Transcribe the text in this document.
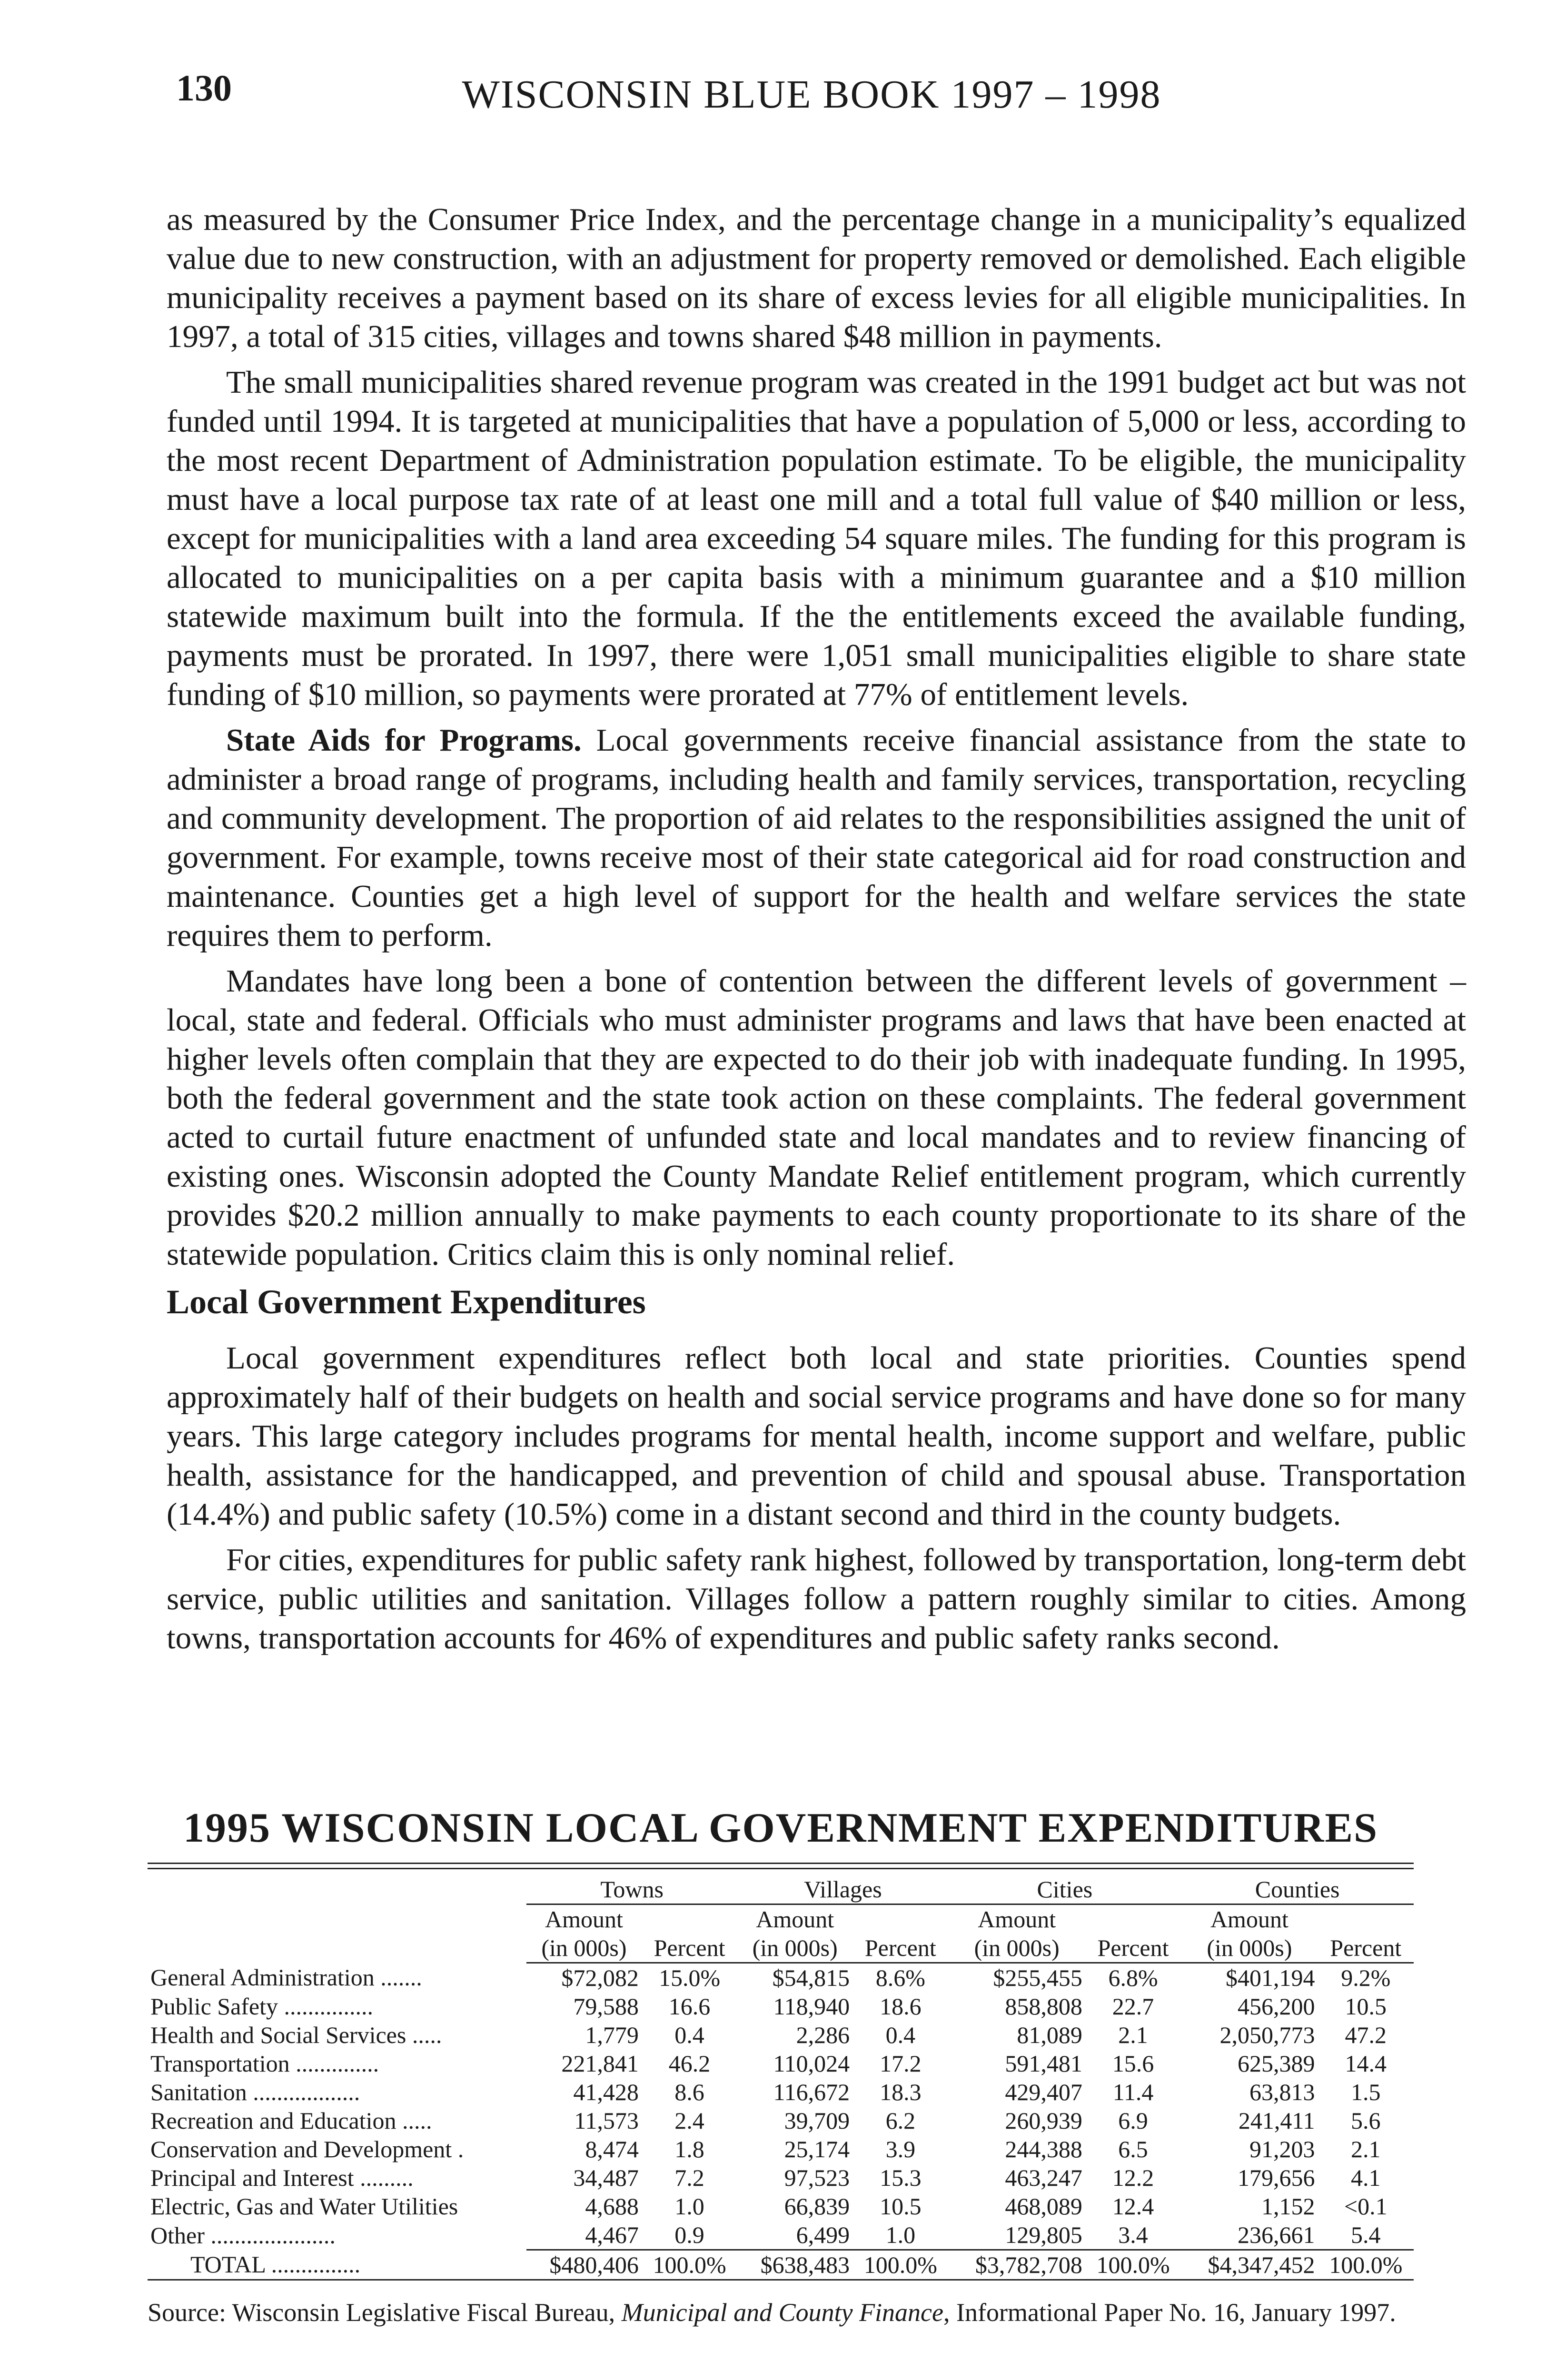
130	WISCONSIN BLUE BOOK 1997 – 1998

as measured by the Consumer Price Index, and the percentage change in a municipality’s equalized value due to new construction, with an adjustment for property removed or demolished. Each eligible municipality receives a payment based on its share of excess levies for all eligible municipalities. In 1997, a total of 315 cities, villages and towns shared $48 million in payments.

The small municipalities shared revenue program was created in the 1991 budget act but was not funded until 1994. It is targeted at municipalities that have a population of 5,000 or less, according to the most recent Department of Administration population estimate. To be eligible, the municipality must have a local purpose tax rate of at least one mill and a total full value of $40 million or less, except for municipalities with a land area exceeding 54 square miles. The funding for this program is allocated to municipalities on a per capita basis with a minimum guarantee and a $10 million statewide maximum built into the formula. If the the entitlements exceed the available funding, payments must be prorated. In 1997, there were 1,051 small municipalities eligible to share state funding of $10 million, so payments were prorated at 77% of entitlement levels.

State Aids for Programs. Local governments receive financial assistance from the state to administer a broad range of programs, including health and family services, transportation, recycling and community development. The proportion of aid relates to the responsibilities assigned the unit of government. For example, towns receive most of their state categorical aid for road construction and maintenance. Counties get a high level of support for the health and welfare services the state requires them to perform.

Mandates have long been a bone of contention between the different levels of government – local, state and federal. Officials who must administer programs and laws that have been enacted at higher levels often complain that they are expected to do their job with inadequate funding. In 1995, both the federal government and the state took action on these complaints. The federal government acted to curtail future enactment of unfunded state and local mandates and to review financing of existing ones. Wisconsin adopted the County Mandate Relief entitlement program, which currently provides $20.2 million annually to make payments to each county proportionate to its share of the statewide population. Critics claim this is only nominal relief.

Local Government Expenditures

Local government expenditures reflect both local and state priorities. Counties spend approximately half of their budgets on health and social service programs and have done so for many years. This large category includes programs for mental health, income support and welfare, public health, assistance for the handicapped, and prevention of child and spousal abuse. Transportation (14.4%) and public safety (10.5%) come in a distant second and third in the county budgets.

For cities, expenditures for public safety rank highest, followed by transportation, long-term debt service, public utilities and sanitation. Villages follow a pattern roughly similar to cities. Among towns, transportation accounts for 46% of expenditures and public safety ranks second.

1995 WISCONSIN LOCAL GOVERNMENT EXPENDITURES
	Towns		Villages		Cities		Counties	
	Amount		Amount		Amount		Amount	
	(in 000s)	Percent	(in 000s)	Percent	(in 000s)	Percent	(in 000s)	Percent
General Administration .......	$72,082	15.0%	$54,815	8.6%	$255,455	6.8%	$401,194	9.2%
Public Safety ...............	79,588	16.6	118,940	18.6	858,808	22.7	456,200	10.5
Health and Social Services .....	1,779	0.4	2,286	0.4	81,089	2.1	2,050,773	47.2
Transportation ..............	221,841	46.2	110,024	17.2	591,481	15.6	625,389	14.4
Sanitation ..................	41,428	8.6	116,672	18.3	429,407	11.4	63,813	1.5
Recreation and Education .....	11,573	2.4	39,709	6.2	260,939	6.9	241,411	5.6
Conservation and Development .	8,474	1.8	25,174	3.9	244,388	6.5	91,203	2.1
Principal and Interest .........	34,487	7.2	97,523	15.3	463,247	12.2	179,656	4.1
Electric, Gas and Water Utilities	4,688	1.0	66,839	10.5	468,089	12.4	1,152	<0.1
Other .....................	4,467	0.9	6,499	1.0	129,805	3.4	236,661	5.4
TOTAL ...............	$480,406	100.0%	$638,483	100.0%	$3,782,708	100.0%	$4,347,452	100.0%
Source: Wisconsin Legislative Fiscal Bureau, Municipal and County Finance, Informational Paper No. 16, January 1997.
